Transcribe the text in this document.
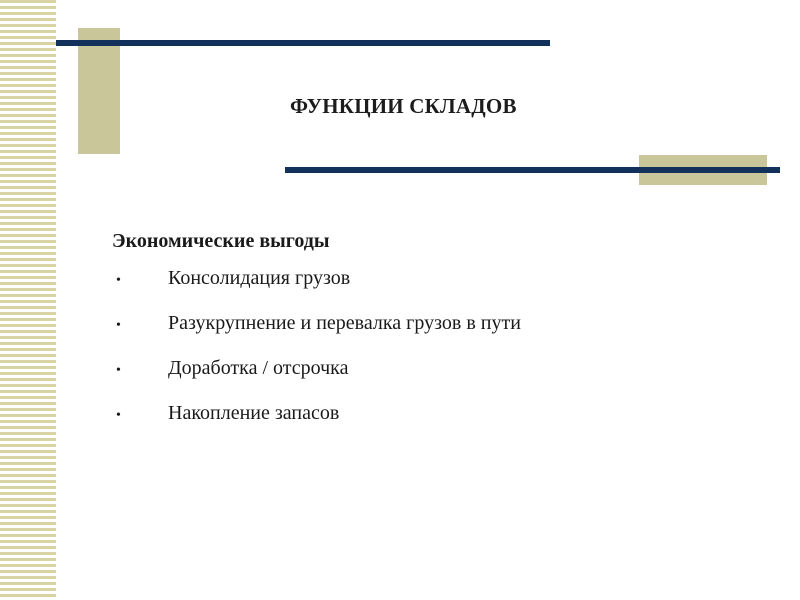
ФУНКЦИИ СКЛАДОВ
Экономические выгоды
•	Консолидация грузов
•	Разукрупнение и перевалка грузов в пути
•	Доработка / отсрочка
•	Накопление запасов
